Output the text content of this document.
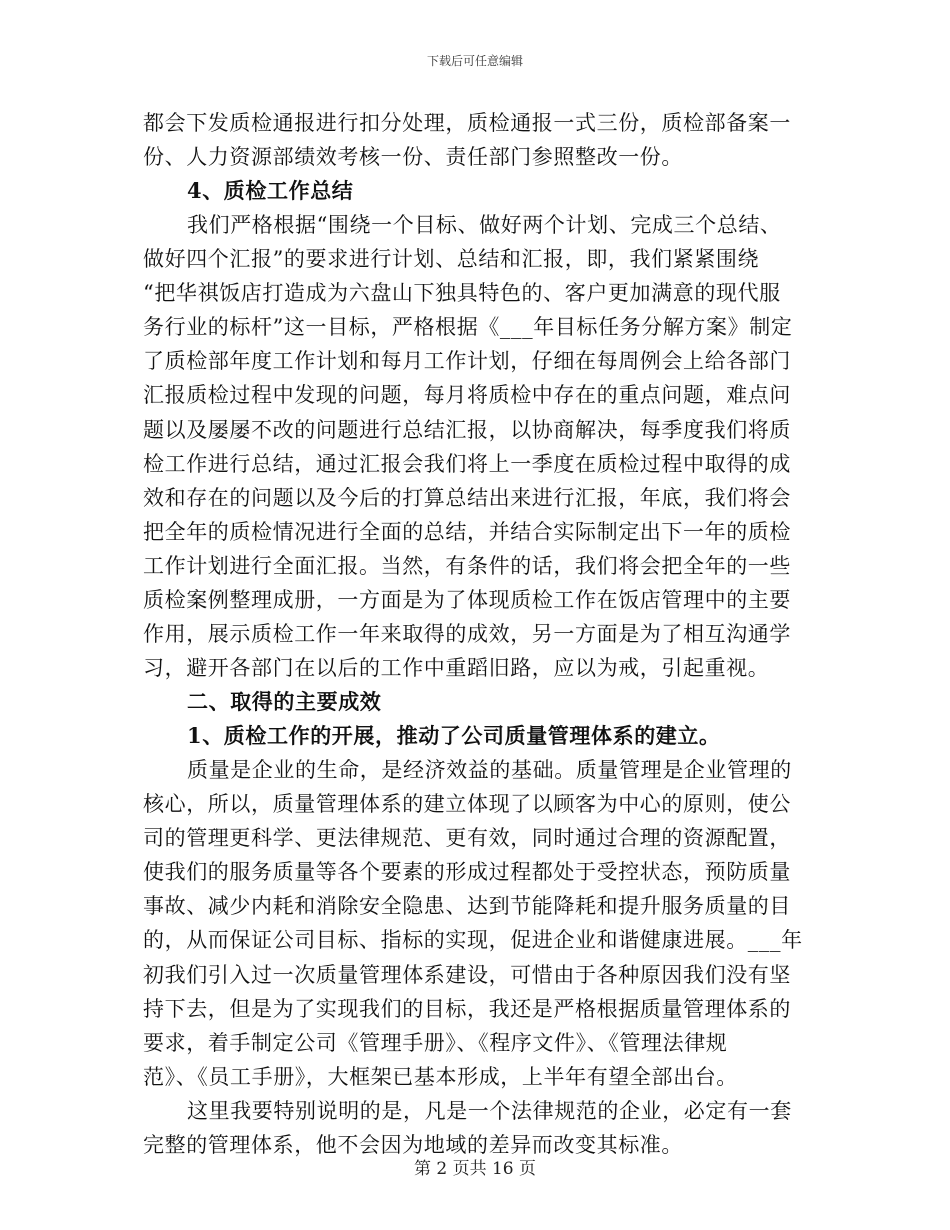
下载后可任意编辑
都会下发质检通报进行扣分处理，质检通报一式三份，质检部备案一
份、人力资源部绩效考核一份、责任部门参照整改一份。
4、质检工作总结
我们严格根据“围绕一个目标、做好两个计划、完成三个总结、
做好四个汇报”的要求进行计划、总结和汇报，即，我们紧紧围绕
“把华祺饭店打造成为六盘山下独具特色的、客户更加满意的现代服
务行业的标杆”这一目标，严格根据《___年目标任务分解方案》制定
了质检部年度工作计划和每月工作计划，仔细在每周例会上给各部门
汇报质检过程中发现的问题，每月将质检中存在的重点问题，难点问
题以及屡屡不改的问题进行总结汇报，以协商解决，每季度我们将质
检工作进行总结，通过汇报会我们将上一季度在质检过程中取得的成
效和存在的问题以及今后的打算总结出来进行汇报，年底，我们将会
把全年的质检情况进行全面的总结，并结合实际制定出下一年的质检
工作计划进行全面汇报。当然，有条件的话，我们将会把全年的一些
质检案例整理成册，一方面是为了体现质检工作在饭店管理中的主要
作用，展示质检工作一年来取得的成效，另一方面是为了相互沟通学
习，避开各部门在以后的工作中重蹈旧路，应以为戒，引起重视。
二、取得的主要成效
1、质检工作的开展，推动了公司质量管理体系的建立。
质量是企业的生命，是经济效益的基础。质量管理是企业管理的
核心，所以，质量管理体系的建立体现了以顾客为中心的原则，使公
司的管理更科学、更法律规范、更有效，同时通过合理的资源配置，
使我们的服务质量等各个要素的形成过程都处于受控状态，预防质量
事故、减少内耗和消除安全隐患、达到节能降耗和提升服务质量的目
的，从而保证公司目标、指标的实现，促进企业和谐健康进展。___年
初我们引入过一次质量管理体系建设，可惜由于各种原因我们没有坚
持下去，但是为了实现我们的目标，我还是严格根据质量管理体系的
要求，着手制定公司《管理手册》、《程序文件》、《管理法律规
范》、《员工手册》，大框架已基本形成，上半年有望全部出台。
这里我要特别说明的是，凡是一个法律规范的企业，必定有一套
完整的管理体系，他不会因为地域的差异而改变其标准。
第 2 页共 16 页
